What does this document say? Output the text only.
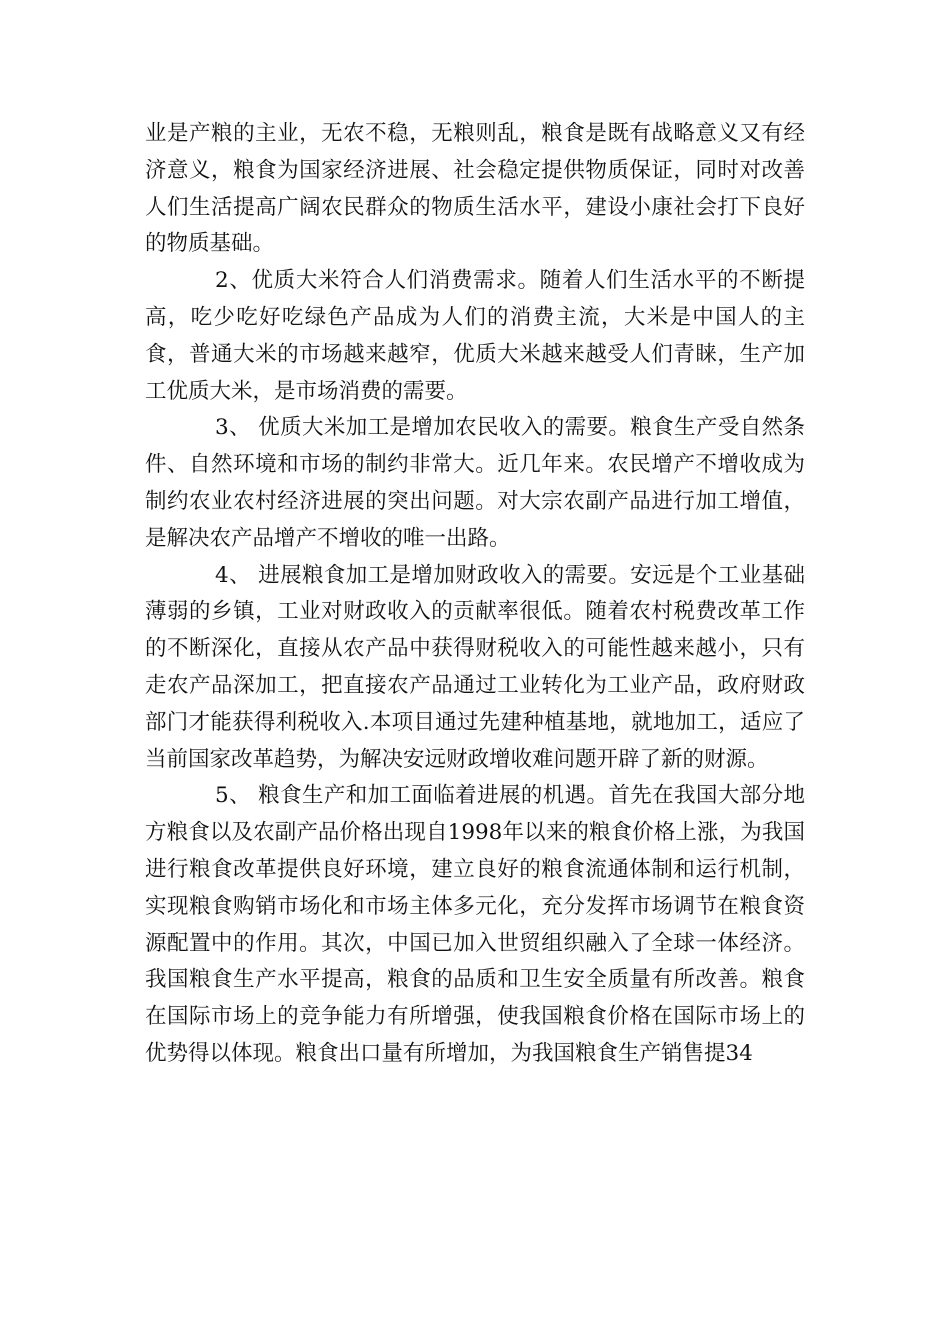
业是产粮的主业，无农不稳，无粮则乱，粮食是既有战略意义又有经济意义，粮食为国家经济进展、社会稳定提供物质保证，同时对改善人们生活提高广阔农民群众的物质生活水平，建设小康社会打下良好的物质基础。

2、优质大米符合人们消费需求。随着人们生活水平的不断提高，吃少吃好吃绿色产品成为人们的消费主流，大米是中国人的主食，普通大米的市场越来越窄，优质大米越来越受人们青睐，生产加工优质大米，是市场消费的需要。

3、 优质大米加工是增加农民收入的需要。粮食生产受自然条件、自然环境和市场的制约非常大。近几年来。农民增产不增收成为制约农业农村经济进展的突出问题。对大宗农副产品进行加工增值，是解决农产品增产不增收的唯一出路。

4、 进展粮食加工是增加财政收入的需要。安远是个工业基础薄弱的乡镇，工业对财政收入的贡献率很低。随着农村税费改革工作的不断深化，直接从农产品中获得财税收入的可能性越来越小，只有走农产品深加工，把直接农产品通过工业转化为工业产品，政府财政部门才能获得利税收入.本项目通过先建种植基地，就地加工，适应了当前国家改革趋势，为解决安远财政增收难问题开辟了新的财源。

5、 粮食生产和加工面临着进展的机遇。首先在我国大部分地方粮食以及农副产品价格出现自1998年以来的粮食价格上涨，为我国进行粮食改革提供良好环境，建立良好的粮食流通体制和运行机制，实现粮食购销市场化和市场主体多元化，充分发挥市场调节在粮食资源配置中的作用。其次，中国已加入世贸组织融入了全球一体经济。我国粮食生产水平提高，粮食的品质和卫生安全质量有所改善。粮食在国际市场上的竞争能力有所增强，使我国粮食价格在国际市场上的优势得以体现。粮食出口量有所增加，为我国粮食生产销售提34
